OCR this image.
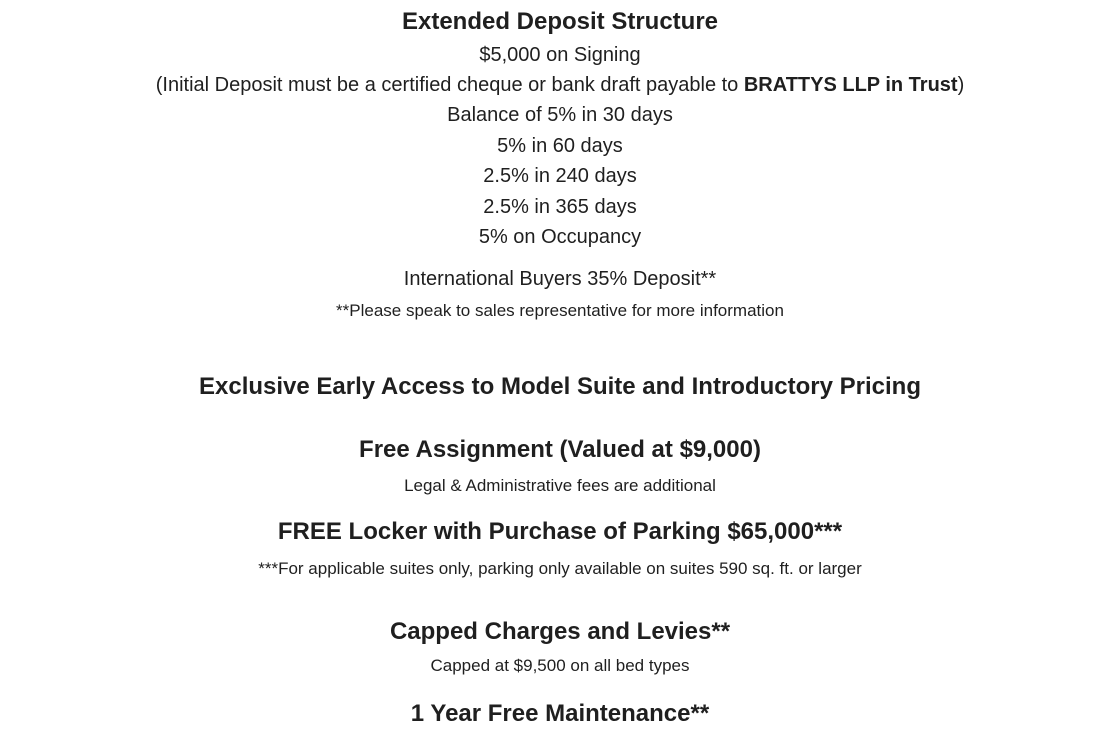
Extended Deposit Structure
$5,000 on Signing
(Initial Deposit must be a certified cheque or bank draft payable to BRATTYS LLP in Trust)
Balance of 5% in 30 days
5% in 60 days
2.5% in 240 days
2.5% in 365 days
5% on Occupancy
International Buyers 35% Deposit**
**Please speak to sales representative for more information
Exclusive Early Access to Model Suite and Introductory Pricing
Free Assignment (Valued at $9,000)
Legal & Administrative fees are additional
FREE Locker with Purchase of Parking $65,000***
***For applicable suites only, parking only available on suites 590 sq. ft. or larger
Capped Charges and Levies**
Capped at $9,500 on all bed types
1 Year Free Maintenance**
